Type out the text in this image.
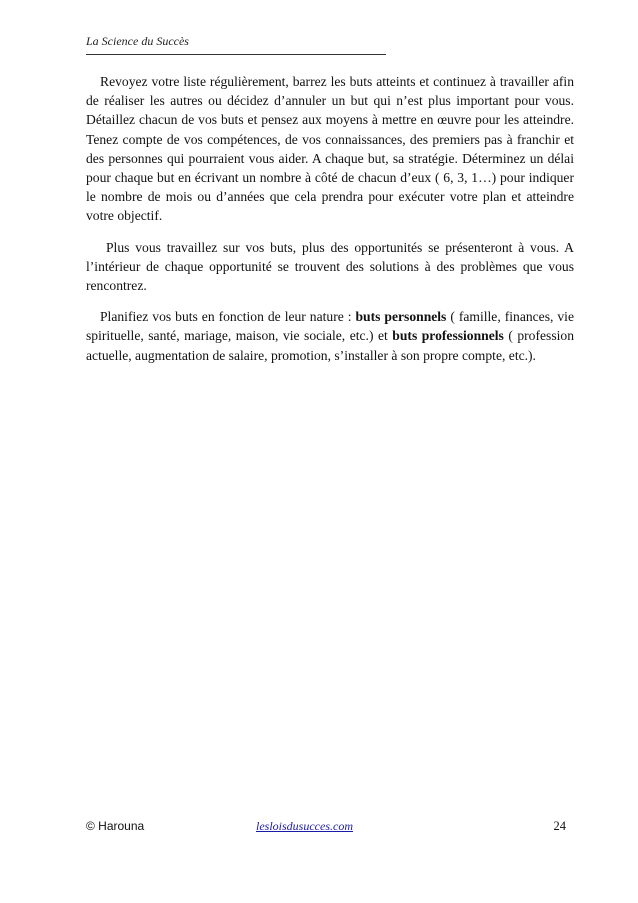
La Science du Succès

Revoyez votre liste régulièrement, barrez les buts atteints et continuez à travailler afin de réaliser les autres ou décidez d’annuler un but qui n’est plus important pour vous. Détaillez chacun de vos buts et pensez aux moyens à mettre en œuvre pour les atteindre. Tenez compte de vos compétences, de vos connaissances, des premiers pas à franchir et des personnes qui pourraient vous aider. A chaque but, sa stratégie. Déterminez un délai pour chaque but en écrivant un nombre à côté de chacun d’eux ( 6, 3, 1…) pour indiquer le nombre de mois ou d’années que cela prendra pour exécuter votre plan et atteindre votre objectif.

Plus vous travaillez sur vos buts, plus des opportunités se présenteront à vous. A l’intérieur de chaque opportunité se trouvent des solutions à des problèmes que vous rencontrez.

Planifiez vos buts en fonction de leur nature : buts personnels ( famille, finances, vie spirituelle, santé, mariage, maison, vie sociale, etc.) et buts professionnels ( profession actuelle, augmentation de salaire, promotion, s’installer à son propre compte, etc.).

© Harouna	lesloisdusucces.com	24
